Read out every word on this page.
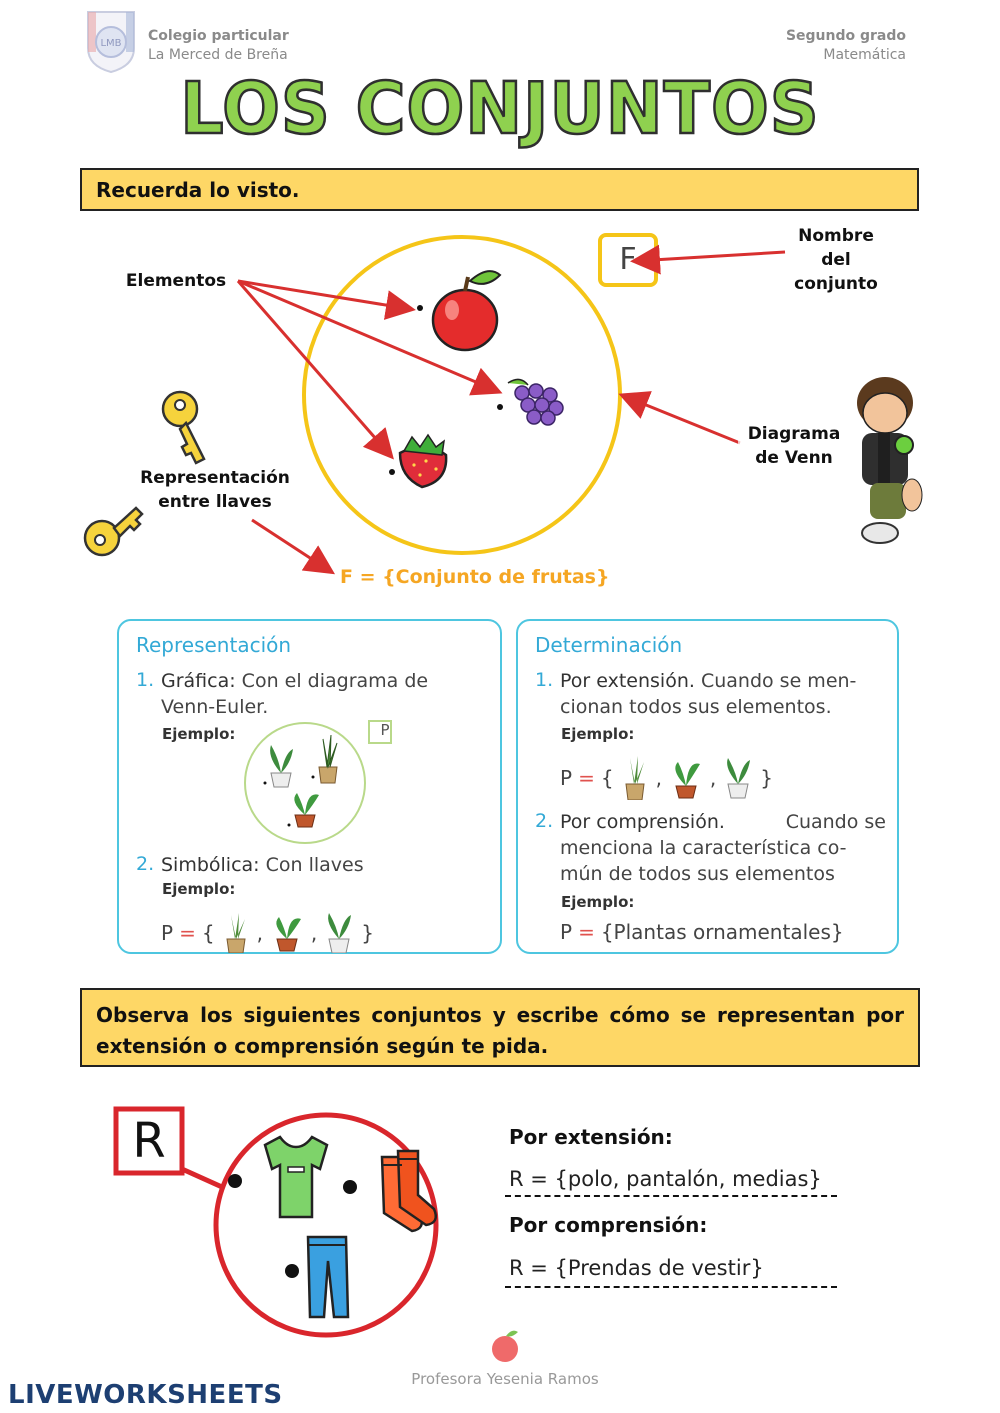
LMB Colegio particular
La Merced de Breña
Segundo grado
Matemática
LOS CONJUNTOS
Recuerda lo visto.
F
Elementos
Nombre
del
conjunto
Diagrama
de Venn
Representación
entre llaves
F = {Conjunto de frutas}
Representación
1. Gráfica: Con el diagrama de
Venn-Euler.
Ejemplo:	P
2. Simbólica: Con llaves
Ejemplo:
P = { , , }
Determinación
1. Por extensión. Cuando se men-
cionan todos sus elementos.
Ejemplo:
P = { , , }
2. Por comprensión.	Cuando se
menciona la característica co-
mún de todos sus elementos
Ejemplo:
P = {Plantas ornamentales}
Observa los siguientes conjuntos y escribe cómo se representan por extensión o comprensión según te pida.
R	Por extensión:
R = {polo, pantalón, medias}
Por comprensión:
R = {Prendas de vestir}
Profesora Yesenia Ramos
LIVEWORKSHEETS
